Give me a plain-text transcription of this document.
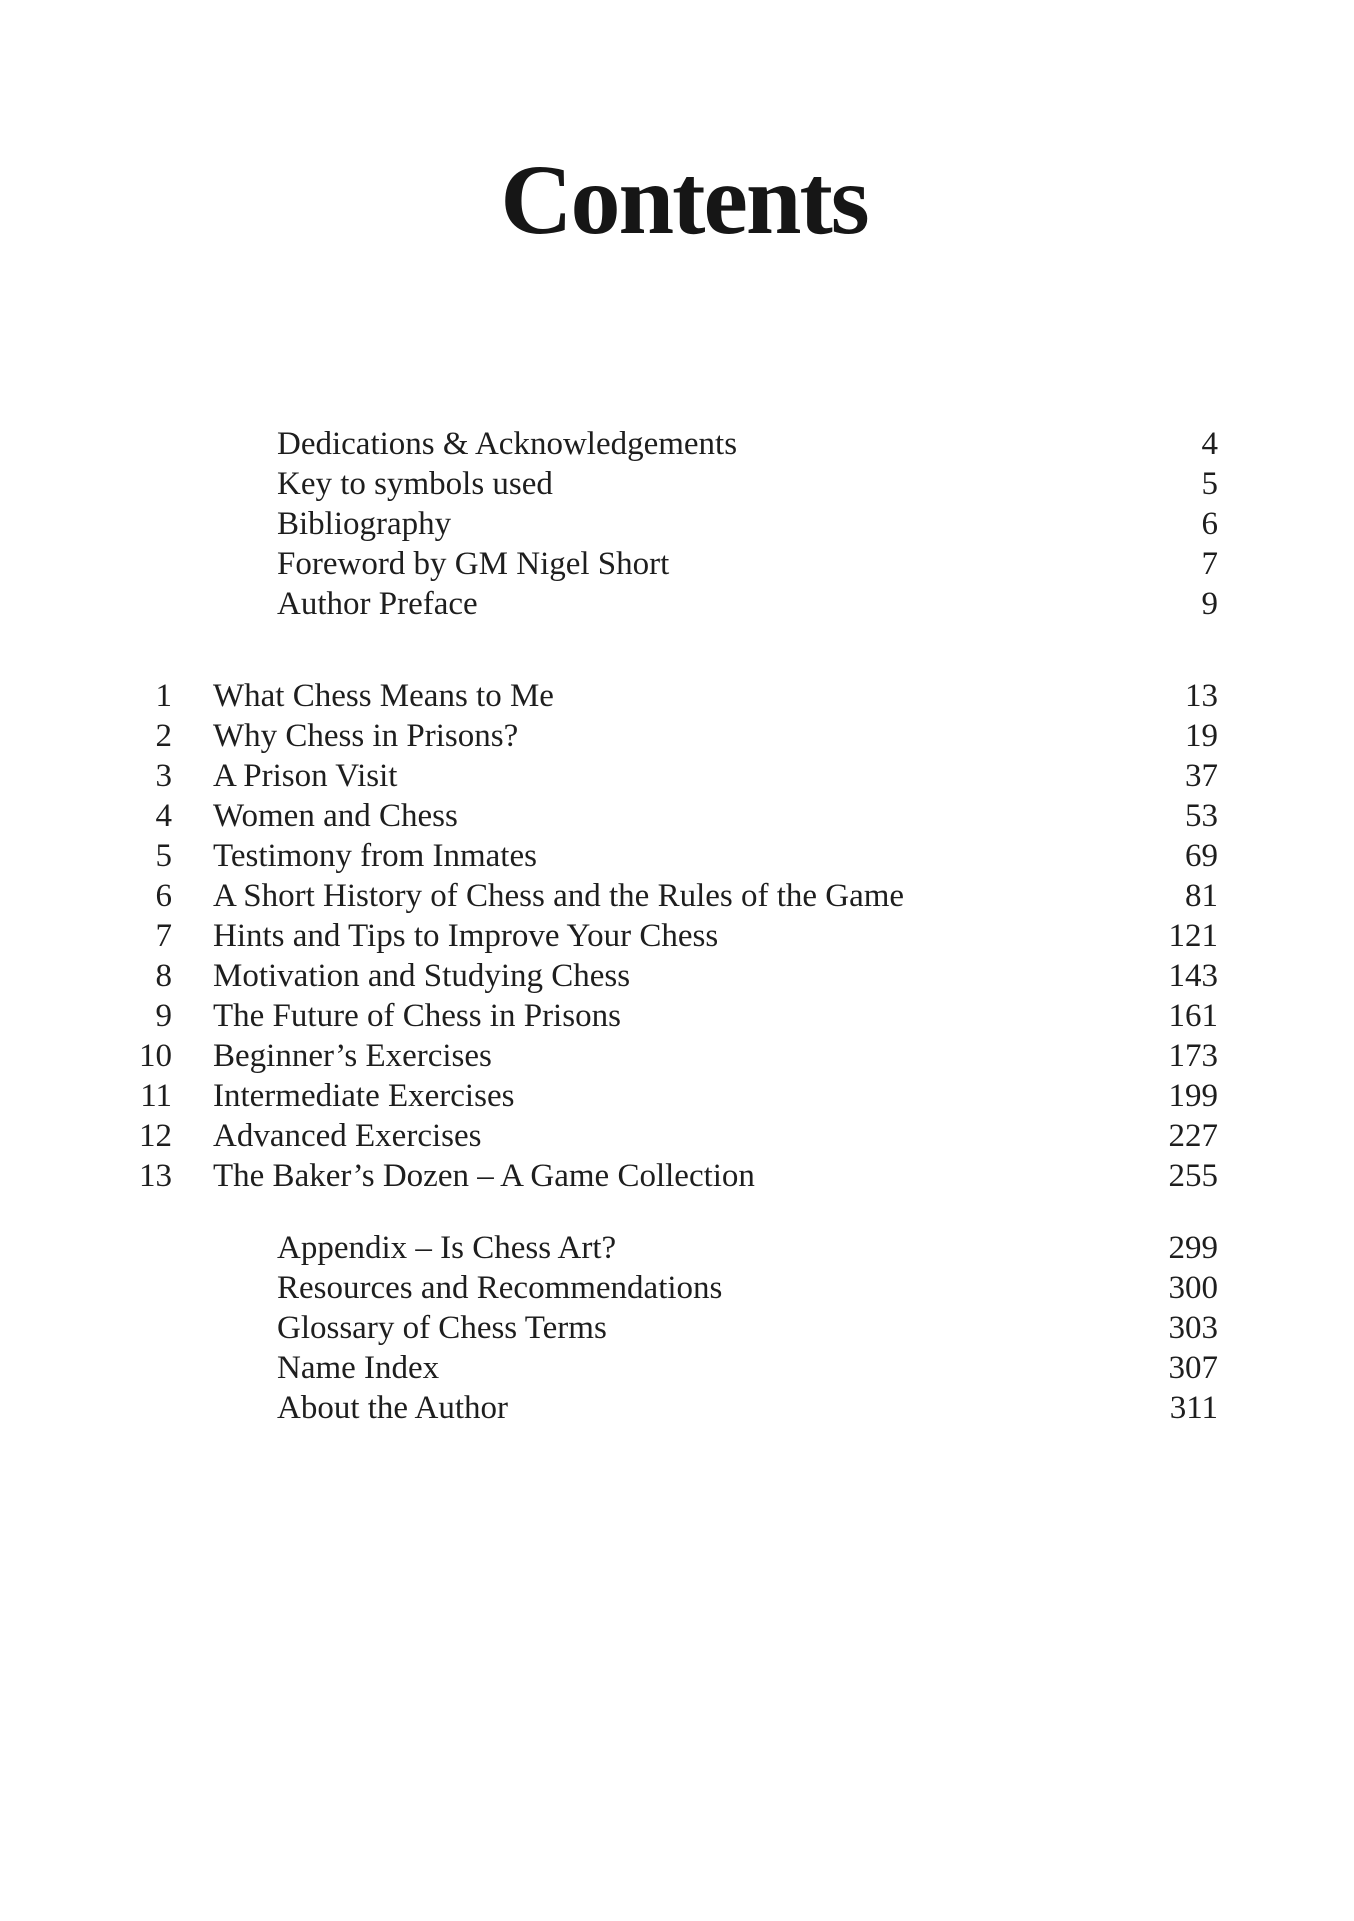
Contents
Dedications & Acknowledgements	4
Key to symbols used	5
Bibliography	6
Foreword by GM Nigel Short	7
Author Preface	9
1	What Chess Means to Me	13
2	Why Chess in Prisons?	19
3	A Prison Visit	37
4	Women and Chess	53
5	Testimony from Inmates	69
6	A Short History of Chess and the Rules of the Game	81
7	Hints and Tips to Improve Your Chess	121
8	Motivation and Studying Chess	143
9	The Future of Chess in Prisons	161
10	Beginner’s Exercises	173
11	Intermediate Exercises	199
12	Advanced Exercises	227
13	The Baker’s Dozen – A Game Collection	255
Appendix – Is Chess Art?	299
Resources and Recommendations	300
Glossary of Chess Terms	303
Name Index	307
About the Author	311
